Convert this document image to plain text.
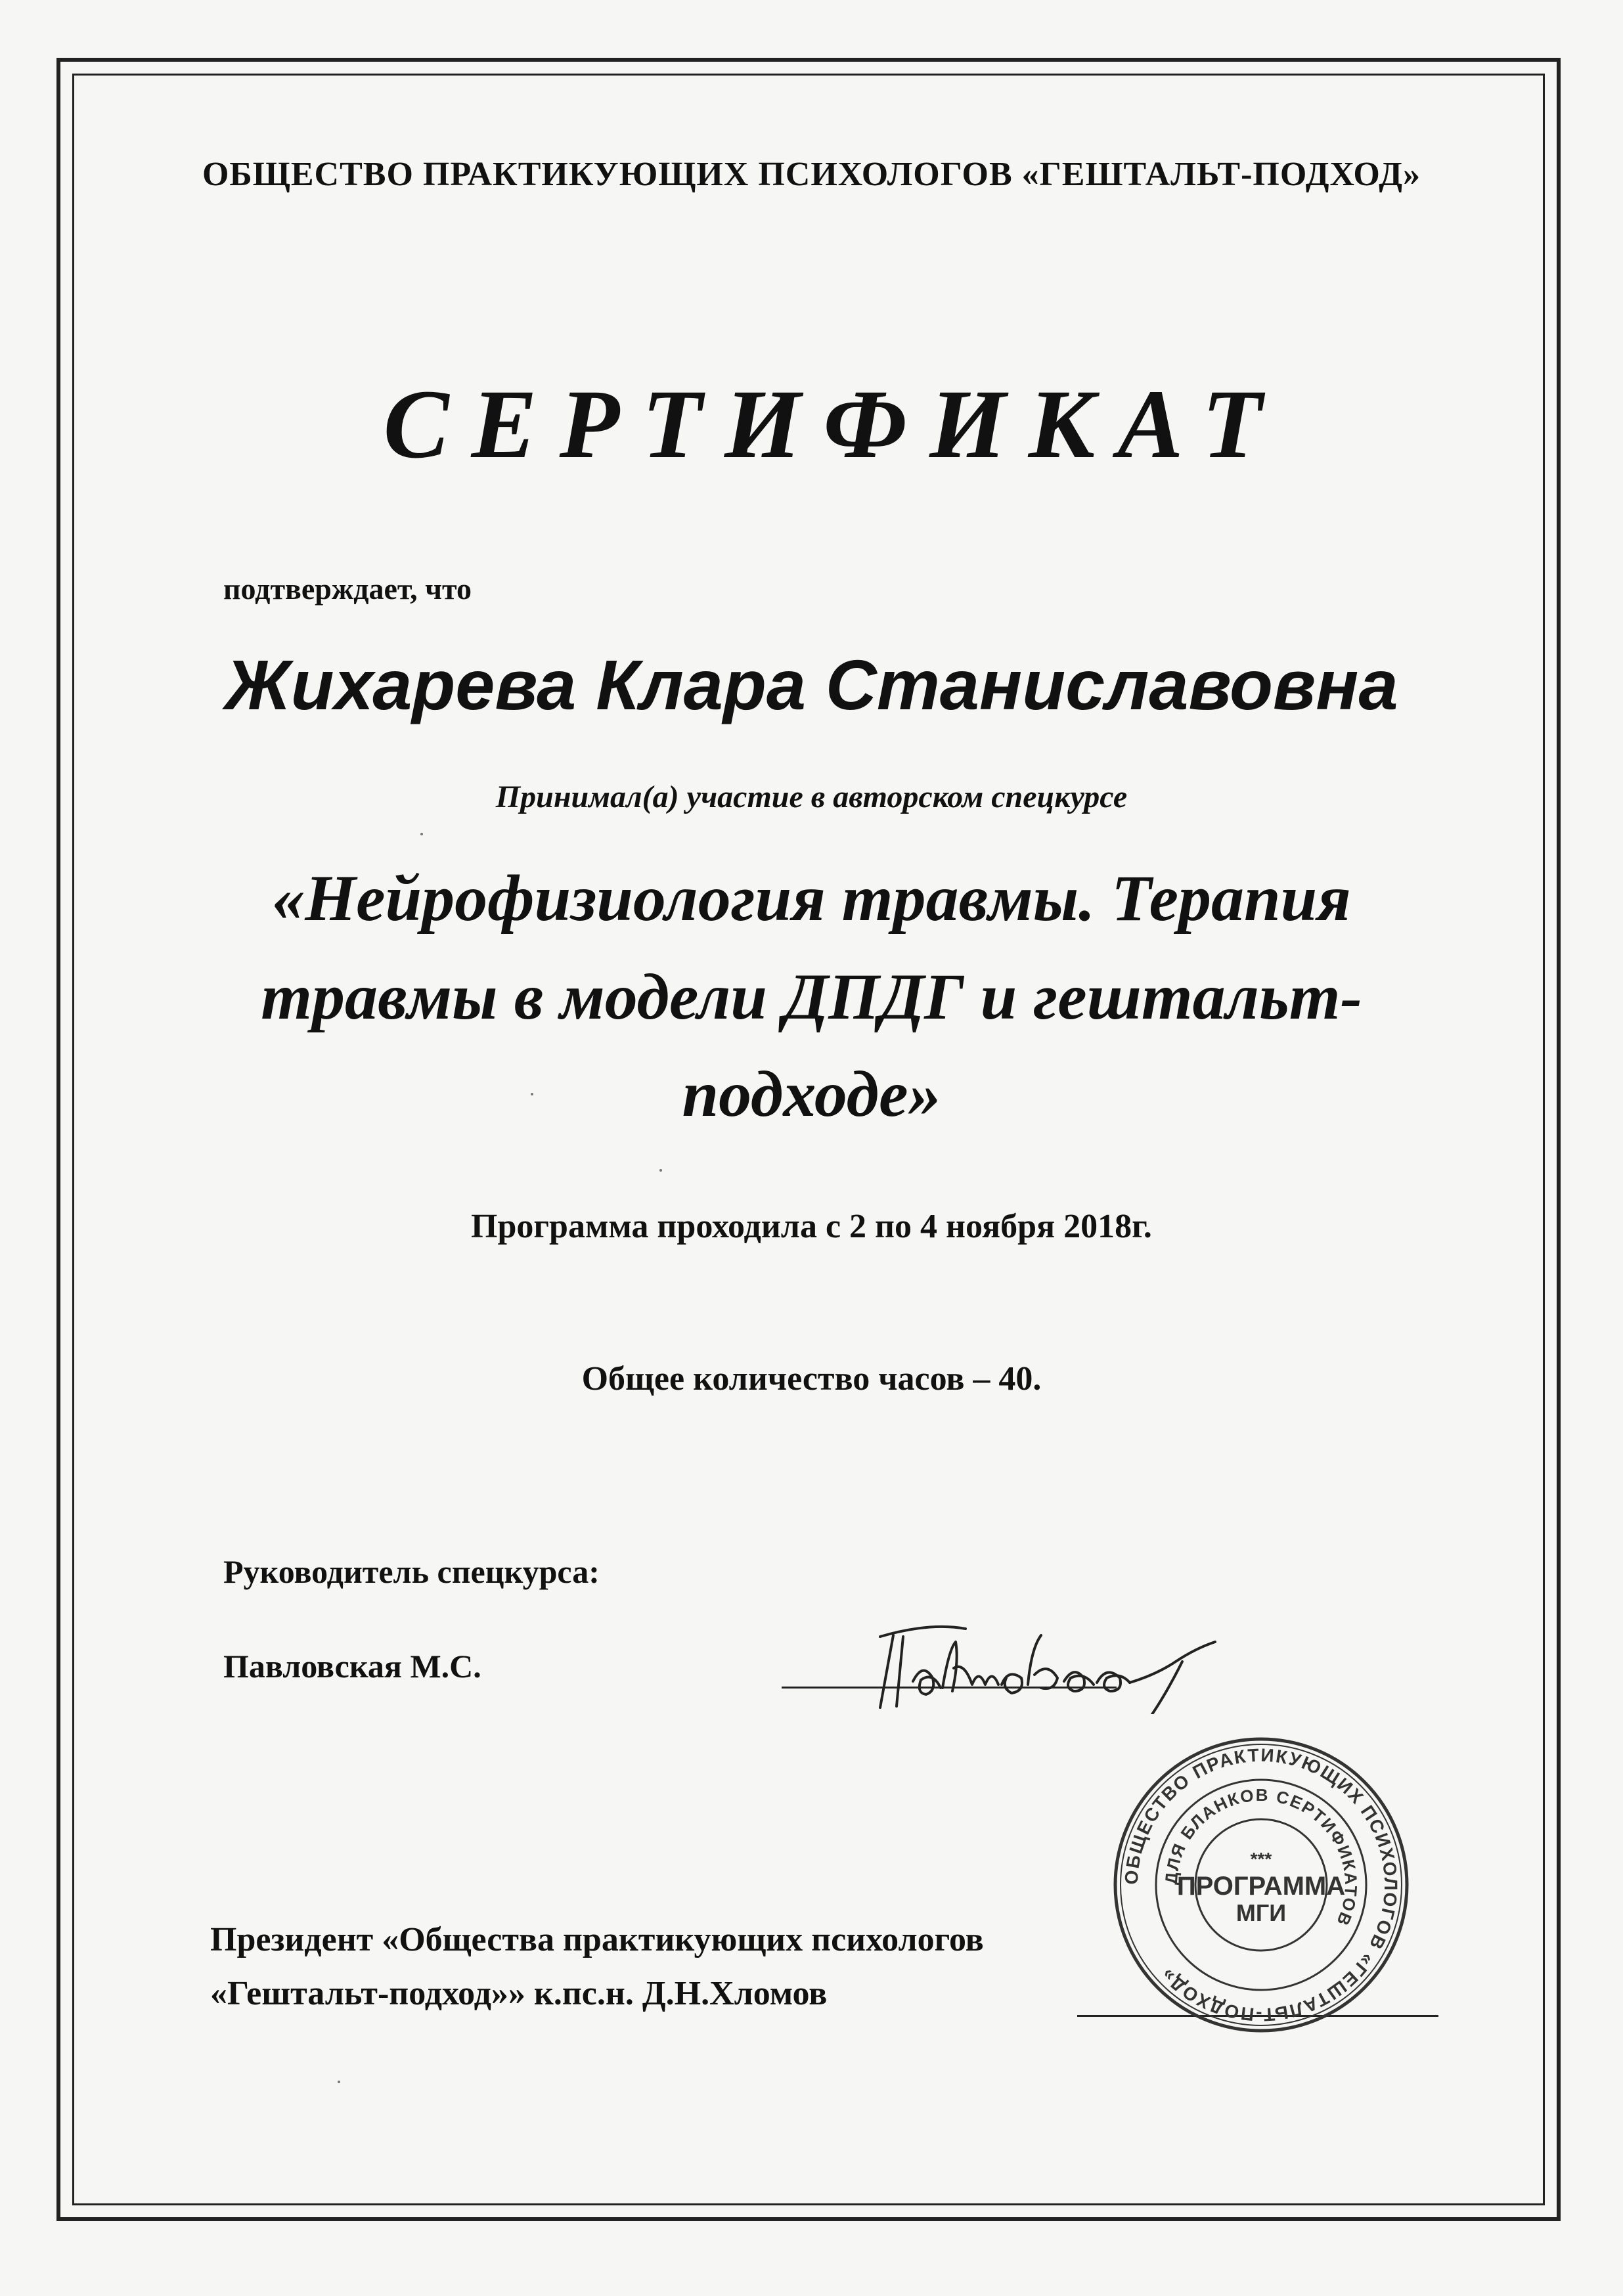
ОБЩЕСТВО ПРАКТИКУЮЩИХ ПСИХОЛОГОВ «ГЕШТАЛЬТ-ПОДХОД»

СЕРТИФИКАТ

подтверждает, что

Жихарева Клара Станиславовна

Принимал(а) участие в авторском спецкурсе

«Нейрофизиология травмы. Терапия

травмы в модели ДПДГ и гештальт-

подходе»

Программа проходила с 2 по 4 ноября 2018г.

Общее количество часов – 40.

Руководитель спецкурса:

Павловская М.С.

Президент «Общества практикующих психологов

«Гештальт-подход»» к.пс.н. Д.Н.Хломов

ОБЩЕСТВО ПРАКТИКУЮЩИХ ПСИХОЛОГОВ «ГЕШТАЛЬТ-ПОДХОД»
ДЛЯ БЛАНКОВ СЕРТИФИКАТОВ
***
ПРОГРАММА
МГИ
